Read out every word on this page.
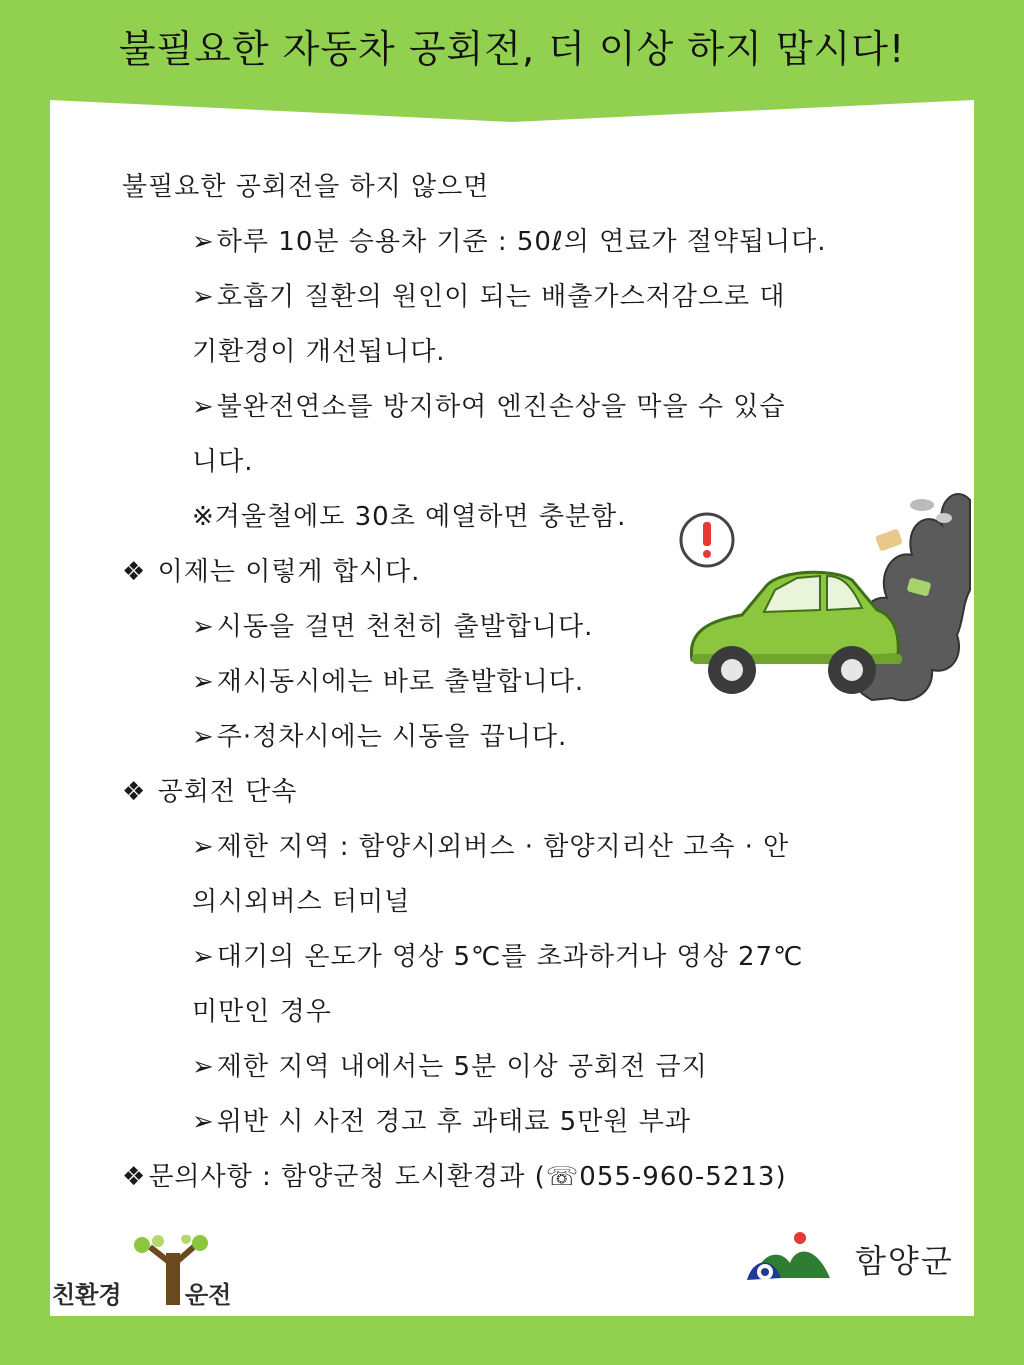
불필요한 자동차 공회전, 더 이상 하지 맙시다!
불필요한 공회전을 하지 않으면
➢하루 10분 승용차 기준 : 50ℓ의 연료가 절약됩니다.
➢호흡기 질환의 원인이 되는 배출가스저감으로 대
기환경이 개선됩니다.
➢불완전연소를 방지하여 엔진손상을 막을 수 있습
니다.
※겨울철에도 30초 예열하면 충분함.
❖ 이제는 이렇게 합시다.
➢시동을 걸면 천천히 출발합니다.
➢재시동시에는 바로 출발합니다.
➢주·정차시에는 시동을 끕니다.
❖ 공회전 단속
➢제한 지역 : 함양시외버스 · 함양지리산 고속 · 안
의시외버스 터미널
➢대기의 온도가 영상 5℃를 초과하거나 영상 27℃
미만인 경우
➢제한 지역 내에서는 5분 이상 공회전 금지
➢위반 시 사전 경고 후 과태료 5만원 부과
❖문의사항 : 함양군청 도시환경과 (☏055-960-5213)
친환경	운전
함양군
